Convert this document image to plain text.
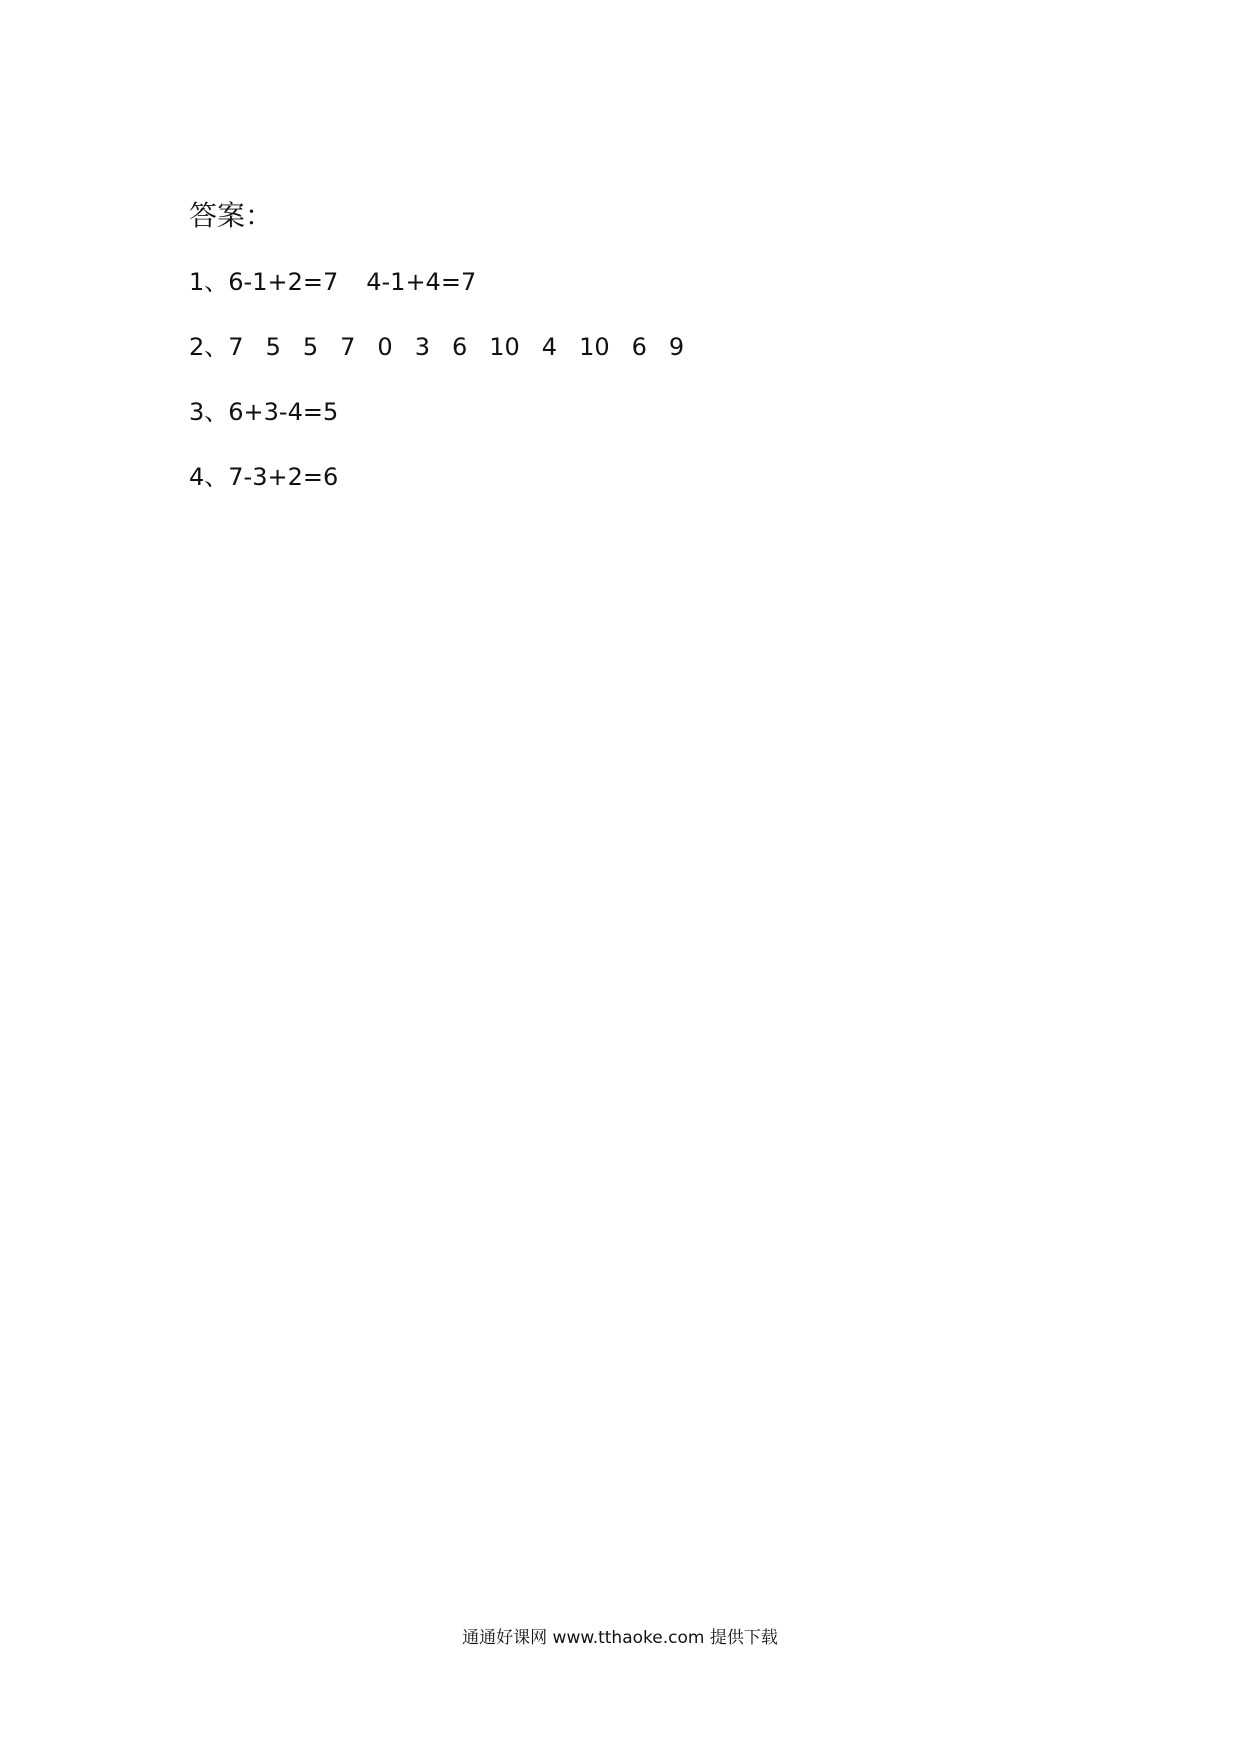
答案：
1 、 6-1+2=7 4-1+4=7
2 、 7 5 5 7 0 3 6 10 4 10 6 9
3 、 6+3-4=5
4 、 7-3+2=6
通通好课网 www.tthaoke.com 提供下载
